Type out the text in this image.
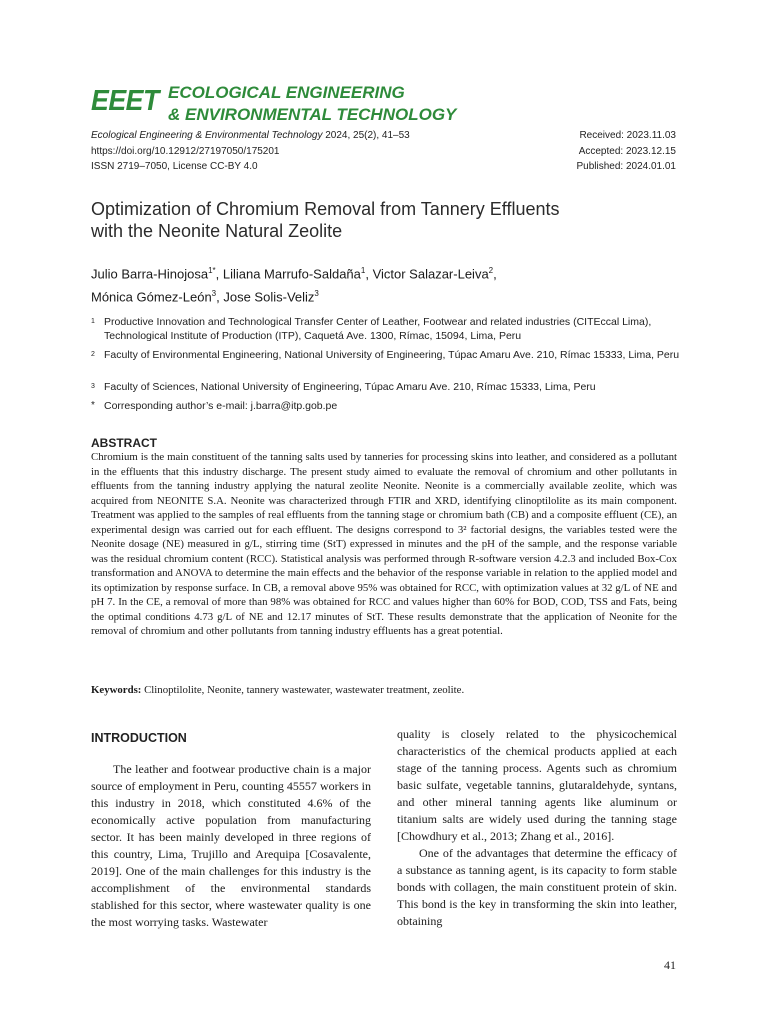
EEET ECOLOGICAL ENGINEERING
& ENVIRONMENTAL TECHNOLOGY
Ecological Engineering & Environmental Technology 2024, 25(2), 41–53
https://doi.org/10.12912/27197050/175201
ISSN 2719–7050, License CC-BY 4.0
Received: 2023.11.03
Accepted: 2023.12.15
Published: 2024.01.01
Optimization of Chromium Removal from Tannery Effluents
with the Neonite Natural Zeolite
Julio Barra-Hinojosa$^{1*}$, Liliana Marrufo-Saldaña$^1$, Victor Salazar-Leiva$^2$,
Mónica Gómez-León$^3$, Jose Solis-Veliz$^3$
1 Productive Innovation and Technological Transfer Center of Leather, Footwear and related industries (CITEccal Lima), Technological Institute of Production (ITP), Caquetá Ave. 1300, Rímac, 15094, Lima, Peru
2 Faculty of Environmental Engineering, National University of Engineering, Túpac Amaru Ave. 210, Rímac 15333, Lima, Peru
3 Faculty of Sciences, National University of Engineering, Túpac Amaru Ave. 210, Rímac 15333, Lima, Peru
* Corresponding author’s e-mail: j.barra@itp.gob.pe
ABSTRACT
Chromium is the main constituent of the tanning salts used by tanneries for processing skins into leather, and considered as a pollutant in the effluents that this industry discharge. The present study aimed to evaluate the removal of chromium and other pollutants in effluents from the tanning industry applying the natural zeolite Neonite. Neonite is a commercially available zeolite, which was acquired from NEONITE S.A. Neonite was characterized through FTIR and XRD, identifying clinoptilolite as its main component. Treatment was applied to the samples of real effluents from the tanning stage or chromium bath (CB) and a composite effluent (CE), an experimental design was carried out for each effluent. The designs correspond to 3² factorial designs, the variables tested were the Neonite dosage (NE) measured in g/L, stirring time (StT) expressed in minutes and the pH of the sample, and the response variable was the residual chromium content (RCC). Statistical analysis was performed through R-software version 4.2.3 and included Box-Cox transformation and ANOVA to determine the main effects and the behavior of the response variable in relation to the applied model and its optimization by response surface. In CB, a removal above 95% was obtained for RCC, with optimization values at 32 g/L of NE and pH 7. In the CE, a removal of more than 98% was obtained for RCC and values higher than 60% for BOD, COD, TSS and Fats, being the optimal conditions 4.73 g/L of NE and 12.17 minutes of StT. These results demonstrate that the application of Neonite for the removal of chromium and other pollutants from tanning industry effluents has a great potential.
Keywords: Clinoptilolite, Neonite, tannery wastewater, wastewater treatment, zeolite.
INTRODUCTION

The leather and footwear productive chain is a major source of employment in Peru, counting 45557 workers in this industry in 2018, which constituted 4.6% of the economically active population from manufacturing sector. It has been mainly developed in three regions of this country, Lima, Trujillo and Arequipa [Cosavalente, 2019]. One of the main challenges for this industry is the accomplishment of the environmental standards stablished for this sector, where wastewater quality is one the most worrying tasks. Wastewater

quality is closely related to the physicochemical characteristics of the chemical products applied at each stage of the tanning process. Agents such as chromium basic sulfate, vegetable tannins, glutaraldehyde, syntans, and other mineral tanning agents like aluminum or titanium salts are widely used during the tanning stage [Chowdhury et al., 2013; Zhang et al., 2016].

One of the advantages that determine the efficacy of a substance as tanning agent, is its capacity to form stable bonds with collagen, the main constituent protein of skin. This bond is the key in transforming the skin into leather, obtaining

41
